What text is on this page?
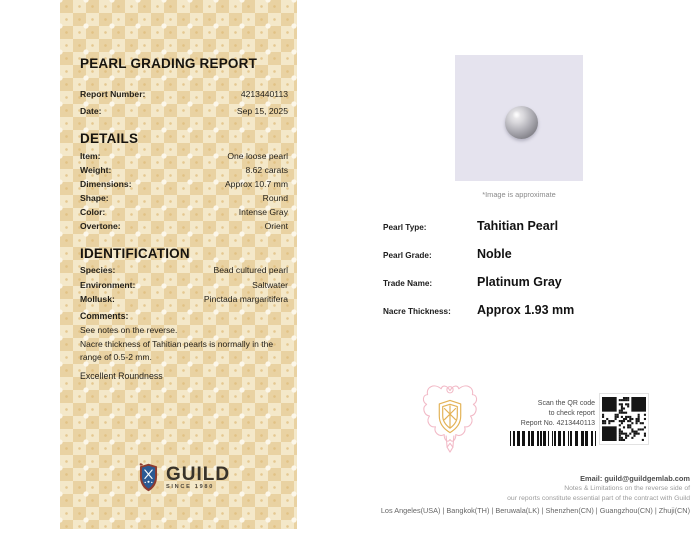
PEARL GRADING REPORT
Report Number:	4213440113
Date:	Sep 15, 2025
DETAILS
Item:	One loose pearl
Weight:	8.62 carats
Dimensions:	Approx 10.7 mm
Shape:	Round
Color:	Intense Gray
Overtone:	Orient
IDENTIFICATION
Species:	Bead cultured pearl
Environment:	Saltwater
Mollusk:	Pinctada margaritifera
Comments:
See notes on the reverse.
Nacre thickness of Tahitian pearls is normally in the range of 0.5-2 mm.
Excellent Roundness
GUILD
SINCE 1980
*Image is approximate
Pearl Type:	Tahitian Pearl
Pearl Grade:	Noble
Trade Name:	Platinum Gray
Nacre Thickness:	Approx 1.93 mm
Scan the QR code
to check report
Report No. 4213440113
Email: guild@guildgemlab.com
Notes & Limitations on the reverse side of
our reports constitute essential part of the contract with Guild
Los Angeles(USA) | Bangkok(TH) | Beruwala(LK) | Shenzhen(CN) | Guangzhou(CN) | Zhuji(CN)
